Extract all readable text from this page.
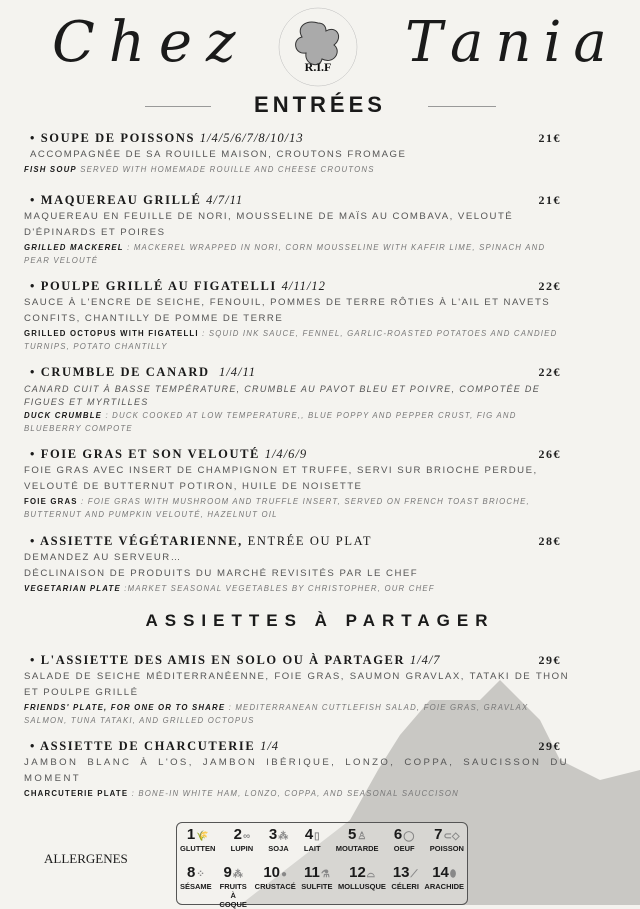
Chez	Tania
R.I.F
ENTRÉES
• SOUPE DE POISSONS 1/4/5/6/7/8/10/13	21€
ACCOMPAGNÉE DE SA ROUILLE MAISON, CROUTONS FROMAGE
FISH SOUP SERVED WITH HOMEMADE ROUILLE AND CHEESE CROUTONS
• MAQUEREAU GRILLÉ 4/7/11	21€
MAQUEREAU EN FEUILLE DE NORI, MOUSSELINE DE MAÏS AU COMBAVA, VELOUTÉ D'ÉPINARDS ET POIRES
GRILLED MACKEREL : MACKEREL WRAPPED IN NORI, CORN MOUSSELINE WITH KAFFIR LIME, SPINACH AND PEAR VELOUTÉ
• POULPE GRILLÉ AU FIGATELLI 4/11/12	22€
SAUCE À L'ENCRE DE SEICHE, FENOUIL, POMMES DE TERRE RÔTIES À L'AIL ET NAVETS CONFITS, CHANTILLY DE POMME DE TERRE
GRILLED OCTOPUS WITH FIGATELLI : SQUID INK SAUCE, FENNEL, GARLIC-ROASTED POTATOES AND CANDIED TURNIPS, POTATO CHANTILLY
• CRUMBLE DE CANARD 1/4/11	22€
CANARD CUIT À BASSE TEMPÉRATURE, CRUMBLE AU PAVOT BLEU ET POIVRE, COMPOTÉE DE FIGUES ET MYRTILLES
DUCK CRUMBLE : DUCK COOKED AT LOW TEMPERATURE,, BLUE POPPY AND PEPPER CRUST, FIG AND BLUEBERRY COMPOTE
• FOIE GRAS ET SON VELOUTÉ 1/4/6/9	26€
FOIE GRAS AVEC INSERT DE CHAMPIGNON ET TRUFFE, SERVI SUR BRIOCHE PERDUE, VELOUTÉ DE BUTTERNUT POTIRON, HUILE DE NOISETTE
FOIE GRAS : FOIE GRAS WITH MUSHROOM AND TRUFFLE INSERT, SERVED ON FRENCH TOAST BRIOCHE, BUTTERNUT AND PUMPKIN VELOUTÉ, HAZELNUT OIL
• ASSIETTE VÉGÉTARIENNE, ENTRÉE OU PLAT	28€
DEMANDEZ AU SERVEUR…
DÉCLINAISON DE PRODUITS DU MARCHÉ REVISITÉS PAR LE CHEF
VEGETARIAN PLATE :MARKET SEASONAL VEGETABLES BY CHRISTOPHER, OUR CHEF
ASSIETTES À PARTAGER
• L'ASSIETTE DES AMIS EN SOLO OU À PARTAGER 1/4/7	29€
SALADE DE SEICHE MÉDITERRANÉENNE, FOIE GRAS, SAUMON GRAVLAX, TATAKI DE THON ET POULPE GRILLÉ
FRIENDS' PLATE, FOR ONE OR TO SHARE : MEDITERRANEAN CUTTLEFISH SALAD, FOIE GRAS, GRAVLAX SALMON, TUNA TATAKI, AND GRILLED OCTOPUS
• ASSIETTE DE CHARCUTERIE 1/4	29€
JAMBON BLANC À L'OS, JAMBON IBÉRIQUE, LONZO, COPPA, SAUCISSON DU MOMENT
CHARCUTERIE PLATE : BONE-IN WHITE HAM, LONZO, COPPA, AND SEASONAL SAUCCISON
ALLERGENES
1🌾
GLUTTEN
2∞
LUPIN
3⁂
SOJA
4▯
LAIT
5♙
MOUTARDE
6◯
OEUF
7⊂◇
POISSON
8⁘
SÉSAME
9⁂
FRUITS À COQUE
10●
CRUSTACÉ
11⚗
SULFITE
12⌓
MOLLUSQUE
13⟋
CÉLERI
14⬮
ARACHIDE
